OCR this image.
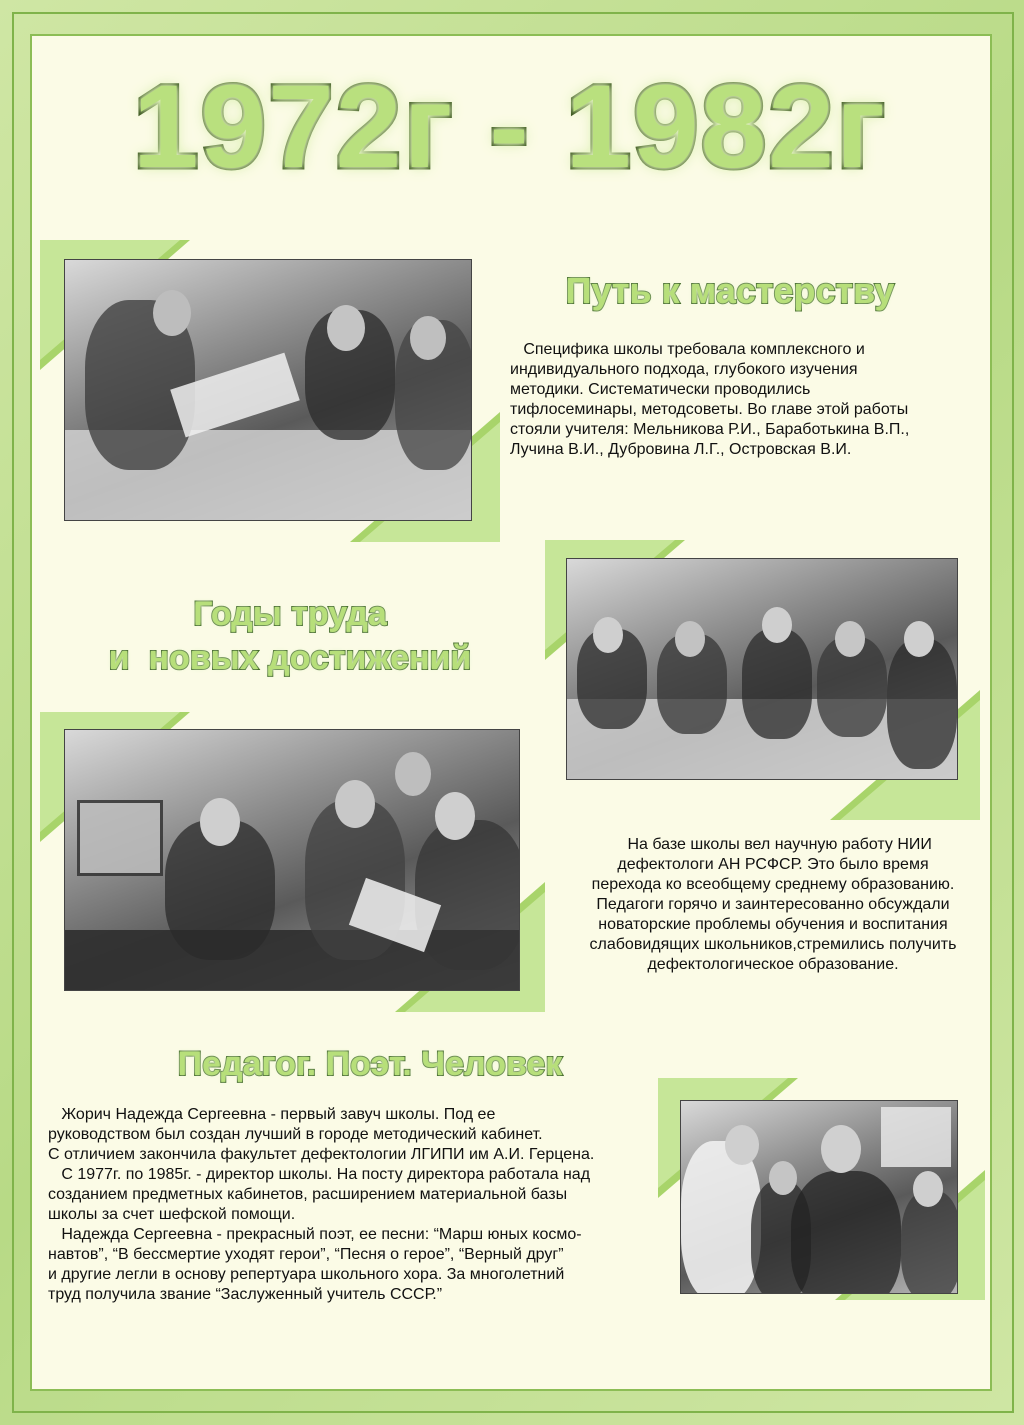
1972г - 1982г
Путь к мастерству

Специфика школы требовала комплексного и

индивидуального подхода, глубокого изучения

методики. Систематически проводились

тифлосеминары, методсоветы. Во главе этой работы

стояли учителя: Мельникова Р.И., Баработькина В.П.,

Лучина В.И., Дубровина Л.Г., Островская В.И.

Годы труда
и  новых достижений

На базе школы вел научную работу НИИ

дефектологи АН РСФСР. Это было время

перехода ко всеобщему среднему образованию.

Педагоги горячо и заинтересованно обсуждали

новаторские проблемы обучения и воспитания

слабовидящих школьников,стремились получить

дефектологическое образование.

Педагог. Поэт. Человек

Жорич Надежда Сергеевна - первый завуч школы. Под ее

руководством был создан лучший в городе методический кабинет.

С отличием закончила факультет дефектологии ЛГИПИ им А.И. Герцена.

С 1977г. по 1985г. - директор школы. На посту директора работала над

созданием предметных кабинетов, расширением материальной базы

школы за счет шефской помощи.

Надежда Сергеевна - прекрасный поэт, ее песни: “Марш юных космо-

навтов”, “В бессмертие уходят герои”, “Песня о герое”, “Верный друг”

и другие легли в основу репертуара школьного хора. За многолетний

труд получила звание “Заслуженный учитель СССР.”
